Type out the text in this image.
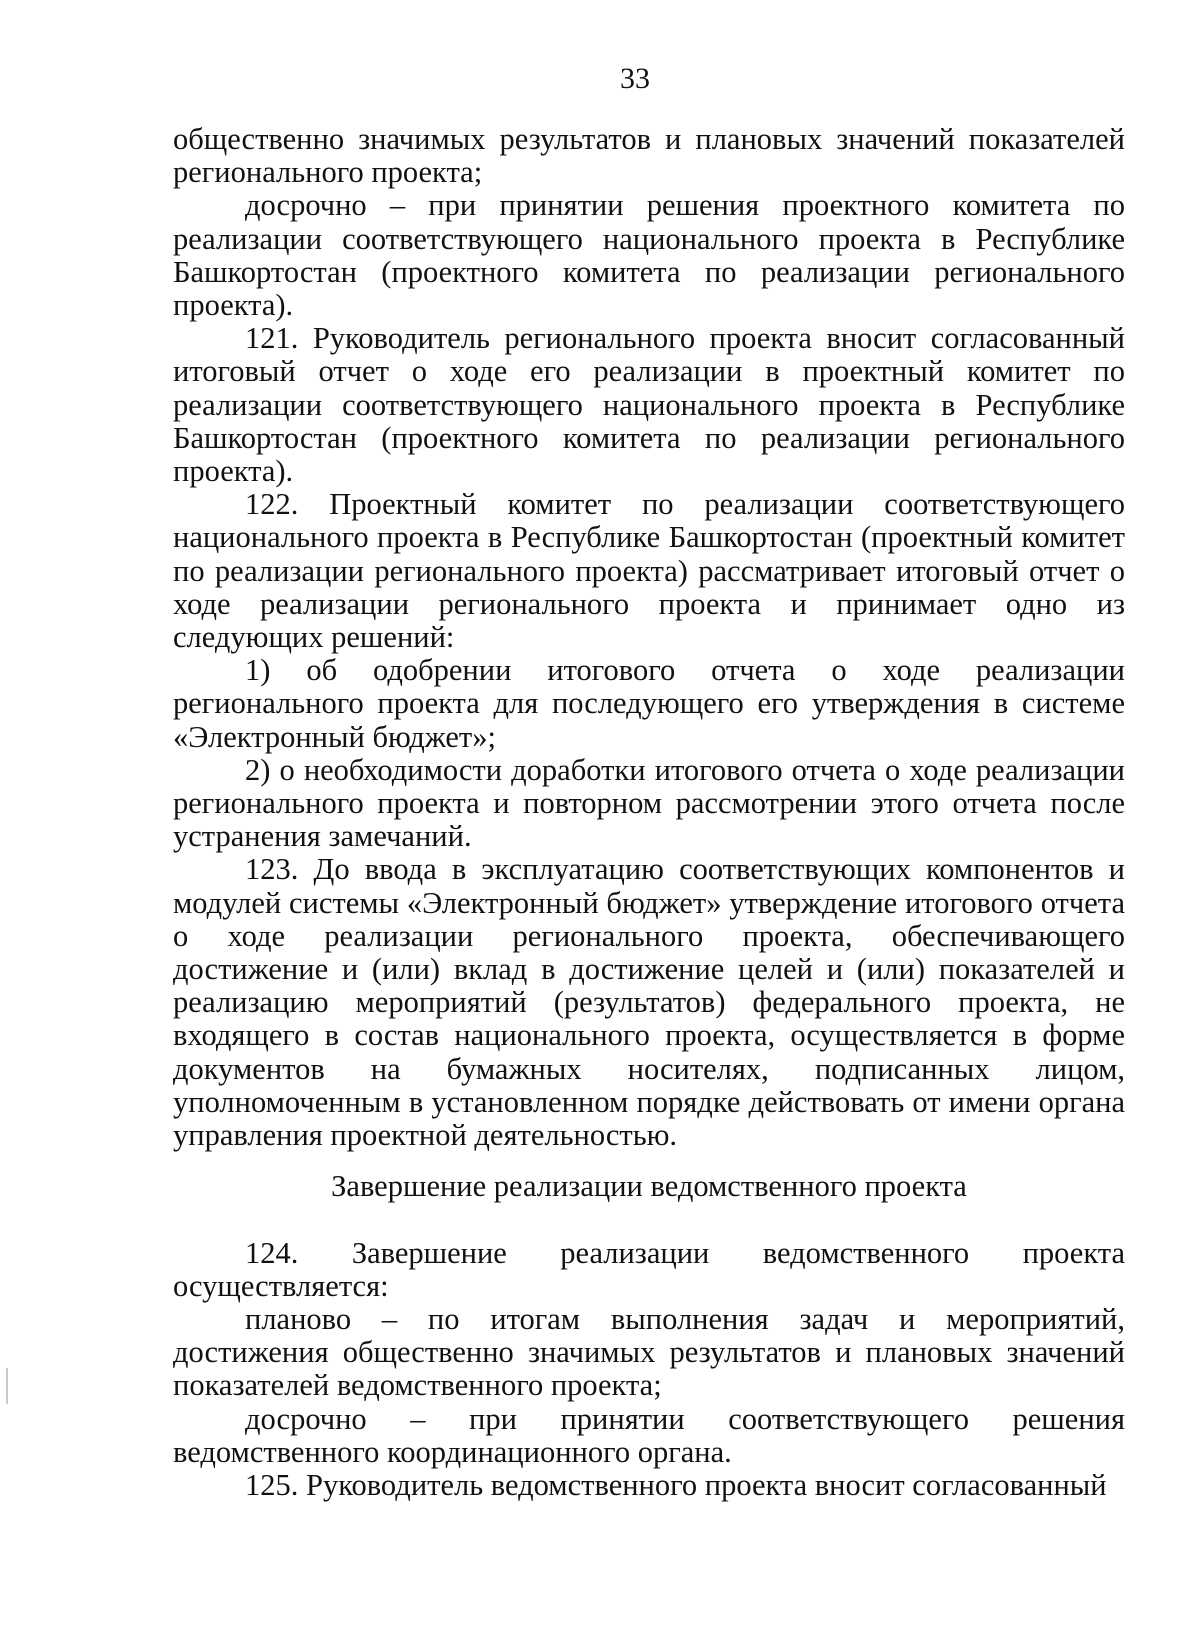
33

общественно значимых результатов и плановых значений показателей регионального проекта;

досрочно – при принятии решения проектного комитета по реализации соответствующего национального проекта в Республике Башкортостан (проектного комитета по реализации регионального проекта).

121. Руководитель регионального проекта вносит согласованный итоговый отчет о ходе его реализации в проектный комитет по реализации соответствующего национального проекта в Республике Башкортостан (проектного комитета по реализации регионального проекта).

122. Проектный комитет по реализации соответствующего национального проекта в Республике Башкортостан (проектный комитет по реализации регионального проекта) рассматривает итоговый отчет о ходе реализации регионального проекта и принимает одно из следующих решений:

1) об одобрении итогового отчета о ходе реализации регионального проекта для последующего его утверждения в системе «Электронный бюджет»;

2) о необходимости доработки итогового отчета о ходе реализации регионального проекта и повторном рассмотрении этого отчета после устранения замечаний.

123. До ввода в эксплуатацию соответствующих компонентов и модулей системы «Электронный бюджет» утверждение итогового отчета о ходе реализации регионального проекта, обеспечивающего достижение и (или) вклад в достижение целей и (или) показателей и реализацию мероприятий (результатов) федерального проекта, не входящего в состав национального проекта, осуществляется в форме документов на бумажных носителях, подписанных лицом, уполномоченным в установленном порядке действовать от имени органа управления проектной деятельностью.

Завершение реализации ведомственного проекта

124. Завершение реализации ведомственного проекта осуществляется:

планово – по итогам выполнения задач и мероприятий, достижения общественно значимых результатов и плановых значений показателей ведомственного проекта;

досрочно – при принятии соответствующего решения ведомственного координационного органа.

125. Руководитель ведомственного проекта вносит согласованный
